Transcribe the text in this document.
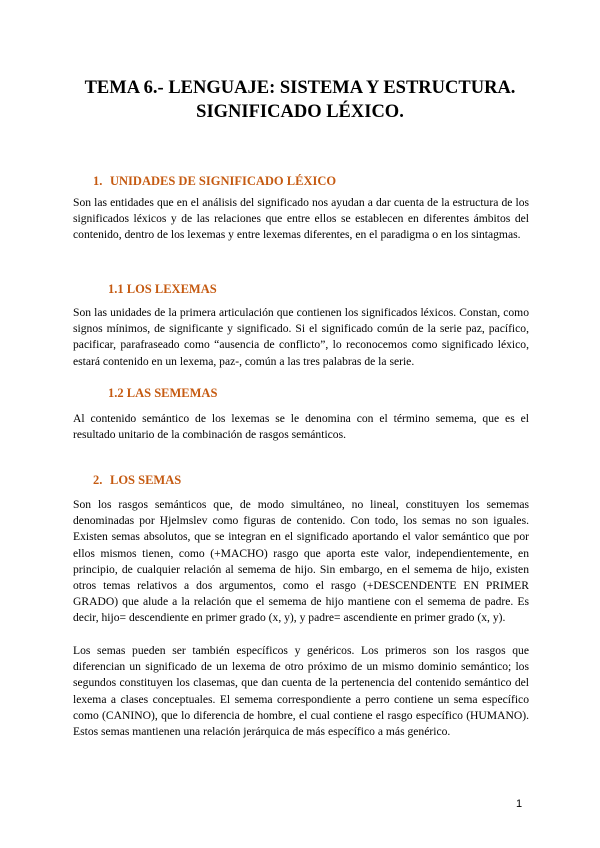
TEMA 6.- LENGUAJE: SISTEMA Y ESTRUCTURA.
SIGNIFICADO LÉXICO.
1. UNIDADES DE SIGNIFICADO LÉXICO

Son las entidades que en el análisis del significado nos ayudan a dar cuenta de la estructura de los significados léxicos y de las relaciones que entre ellos se establecen en diferentes ámbitos del contenido, dentro de los lexemas y entre lexemas diferentes, en el paradigma o en los sintagmas.

1.1 LOS LEXEMAS

Son las unidades de la primera articulación que contienen los significados léxicos. Constan, como signos mínimos, de significante y significado. Si el significado común de la serie paz, pacífico, pacificar, parafraseado como “ausencia de conflicto”, lo reconocemos como significado léxico, estará contenido en un lexema, paz-, común a las tres palabras de la serie.

1.2 LAS SEMEMAS

Al contenido semántico de los lexemas se le denomina con el término semema, que es el resultado unitario de la combinación de rasgos semánticos.

2. LOS SEMAS

Son los rasgos semánticos que, de modo simultáneo, no lineal, constituyen los sememas denominadas por Hjelmslev como figuras de contenido. Con todo, los semas no son iguales. Existen semas absolutos, que se integran en el significado aportando el valor semántico que por ellos mismos tienen, como (+MACHO) rasgo que aporta este valor, independientemente, en principio, de cualquier relación al semema de hijo. Sin embargo, en el semema de hijo, existen otros temas relativos a dos argumentos, como el rasgo (+DESCENDENTE EN PRIMER GRADO) que alude a la relación que el semema de hijo mantiene con el semema de padre. Es decir, hijo= descendiente en primer grado (x, y), y padre= ascendiente en primer grado (x, y).

Los semas pueden ser también específicos y genéricos. Los primeros son los rasgos que diferencian un significado de un lexema de otro próximo de un mismo dominio semántico; los segundos constituyen los clasemas, que dan cuenta de la pertenencia del contenido semántico del lexema a clases conceptuales. El semema correspondiente a perro contiene un sema específico como (CANINO), que lo diferencia de hombre, el cual contiene el rasgo específico (HUMANO). Estos semas mantienen una relación jerárquica de más específico a más genérico.

1
